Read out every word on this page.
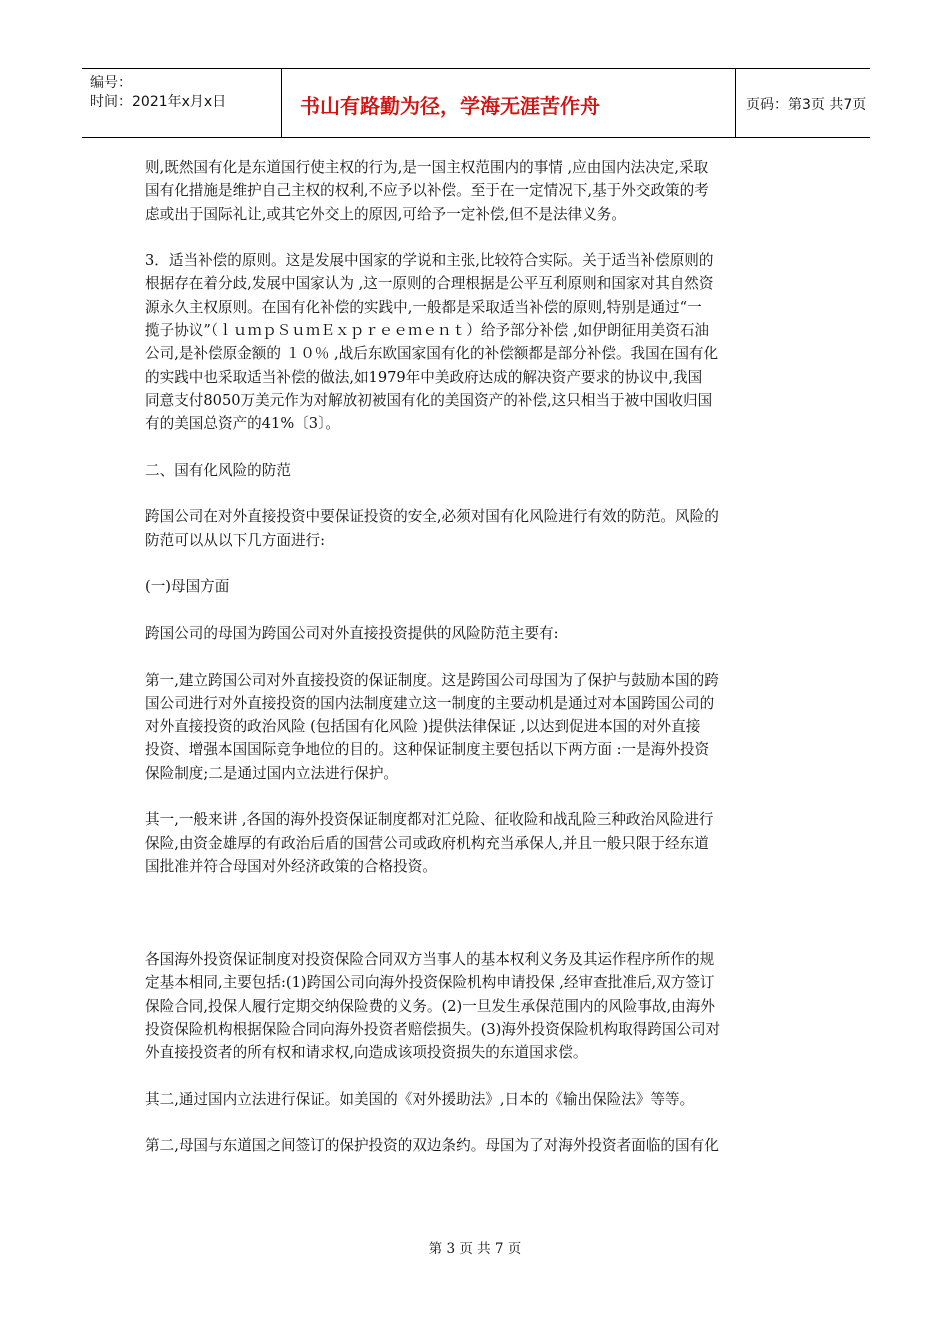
编号：
时间：2021年x月x日	书山有路勤为径，学海无涯苦作舟	页码：第3页 共7页
则,既然国有化是东道国行使主权的行为,是一国主权范围内的事情 ,应由国内法决定,采取
国有化措施是维护自己主权的权利,不应予以补偿。至于在一定情况下,基于外交政策的考
虑或出于国际礼让,或其它外交上的原因,可给予一定补偿,但不是法律义务。
3．适当补偿的原则。这是发展中国家的学说和主张,比较符合实际。关于适当补偿原则的
根据存在着分歧,发展中国家认为 ,这一原则的合理根据是公平互利原则和国家对其自然资
源永久主权原则。在国有化补偿的实践中,一般都是采取适当补偿的原则,特别是通过“一
揽子协议”（ｌｕｍｐＳｕｍＥｘｐｒｅｅｍｅｎｔ）给予部分补偿 ,如伊朗征用美资石油
公司,是补偿原金额的 １０％ ,战后东欧国家国有化的补偿额都是部分补偿。我国在国有化
的实践中也采取适当补偿的做法,如1979年中美政府达成的解决资产要求的协议中,我国
同意支付8050万美元作为对解放初被国有化的美国资产的补偿,这只相当于被中国收归国
有的美国总资产的41%〔3〕。
二、国有化风险的防范
跨国公司在对外直接投资中要保证投资的安全,必须对国有化风险进行有效的防范。风险的
防范可以从以下几方面进行:
(一)母国方面
跨国公司的母国为跨国公司对外直接投资提供的风险防范主要有:
第一,建立跨国公司对外直接投资的保证制度。这是跨国公司母国为了保护与鼓励本国的跨
国公司进行对外直接投资的国内法制度建立这一制度的主要动机是通过对本国跨国公司的
对外直接投资的政治风险 (包括国有化风险 )提供法律保证 ,以达到促进本国的对外直接
投资、增强本国国际竞争地位的目的。这种保证制度主要包括以下两方面 :一是海外投资
保险制度;二是通过国内立法进行保护。
其一,一般来讲 ,各国的海外投资保证制度都对汇兑险、征收险和战乱险三种政治风险进行
保险,由资金雄厚的有政治后盾的国营公司或政府机构充当承保人,并且一般只限于经东道
国批准并符合母国对外经济政策的合格投资。
各国海外投资保证制度对投资保险合同双方当事人的基本权利义务及其运作程序所作的规
定基本相同,主要包括:(1)跨国公司向海外投资保险机构申请投保 ,经审查批准后,双方签订
保险合同,投保人履行定期交纳保险费的义务。(2)一旦发生承保范围内的风险事故,由海外
投资保险机构根据保险合同向海外投资者赔偿损失。(3)海外投资保险机构取得跨国公司对
外直接投资者的所有权和请求权,向造成该项投资损失的东道国求偿。
其二,通过国内立法进行保证。如美国的《对外援助法》,日本的《输出保险法》等等。
第二,母国与东道国之间签订的保护投资的双边条约。母国为了对海外投资者面临的国有化
第 3 页 共 7 页
